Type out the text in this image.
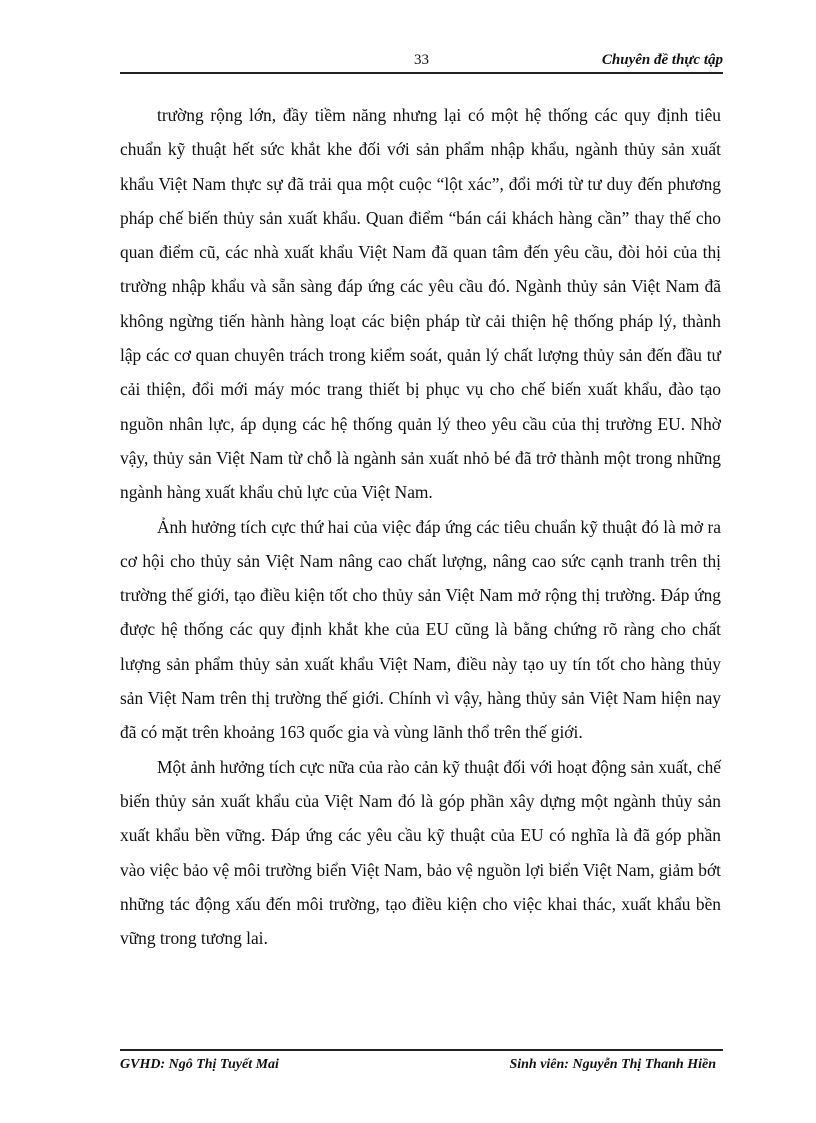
33	Chuyên đề thực tập

trường rộng lớn, đầy tiềm năng nhưng lại có một hệ thống các quy định tiêu chuẩn kỹ thuật hết sức khắt khe đối với sản phẩm nhập khẩu, ngành thủy sản xuất khẩu Việt Nam thực sự đã trải qua một cuộc “lột xác”, đổi mới từ tư duy đến phương pháp chế biến thủy sản xuất khẩu. Quan điểm “bán cái khách hàng cần” thay thế cho quan điểm cũ, các nhà xuất khẩu Việt Nam đã quan tâm đến yêu cầu, đòi hỏi của thị trường nhập khẩu và sẵn sàng đáp ứng các yêu cầu đó. Ngành thủy sản Việt Nam đã không ngừng tiến hành hàng loạt các biện pháp từ cải thiện hệ thống pháp lý, thành lập các cơ quan chuyên trách trong kiểm soát, quản lý chất lượng thủy sản đến đầu tư cải thiện, đổi mới máy móc trang thiết bị phục vụ cho chế biến xuất khẩu, đào tạo nguồn nhân lực, áp dụng các hệ thống quản lý theo yêu cầu của thị trường EU. Nhờ vậy, thủy sản Việt Nam từ chỗ là ngành sản xuất nhỏ bé đã trở thành một trong những ngành hàng xuất khẩu chủ lực của Việt Nam.

Ảnh hưởng tích cực thứ hai của việc đáp ứng các tiêu chuẩn kỹ thuật đó là mở ra cơ hội cho thủy sản Việt Nam nâng cao chất lượng, nâng cao sức cạnh tranh trên thị trường thế giới, tạo điều kiện tốt cho thủy sản Việt Nam mở rộng thị trường. Đáp ứng được hệ thống các quy định khắt khe của EU cũng là bằng chứng rõ ràng cho chất lượng sản phẩm thủy sản xuất khẩu Việt Nam, điều này tạo uy tín tốt cho hàng thủy sản Việt Nam trên thị trường thế giới. Chính vì vậy, hàng thủy sản Việt Nam hiện nay đã có mặt trên khoảng 163 quốc gia và vùng lãnh thổ trên thế giới.

Một ảnh hưởng tích cực nữa của rào cản kỹ thuật đối với hoạt động sản xuất, chế biến thủy sản xuất khẩu của Việt Nam đó là góp phần xây dựng một ngành thủy sản xuất khẩu bền vững. Đáp ứng các yêu cầu kỹ thuật của EU có nghĩa là đã góp phần vào việc bảo vệ môi trường biển Việt Nam, bảo vệ nguồn lợi biển Việt Nam, giảm bớt những tác động xấu đến môi trường, tạo điều kiện cho việc khai thác, xuất khẩu bền vững trong tương lai.

GVHD: Ngô Thị Tuyết Mai	Sinh viên: Nguyễn Thị Thanh Hiền
